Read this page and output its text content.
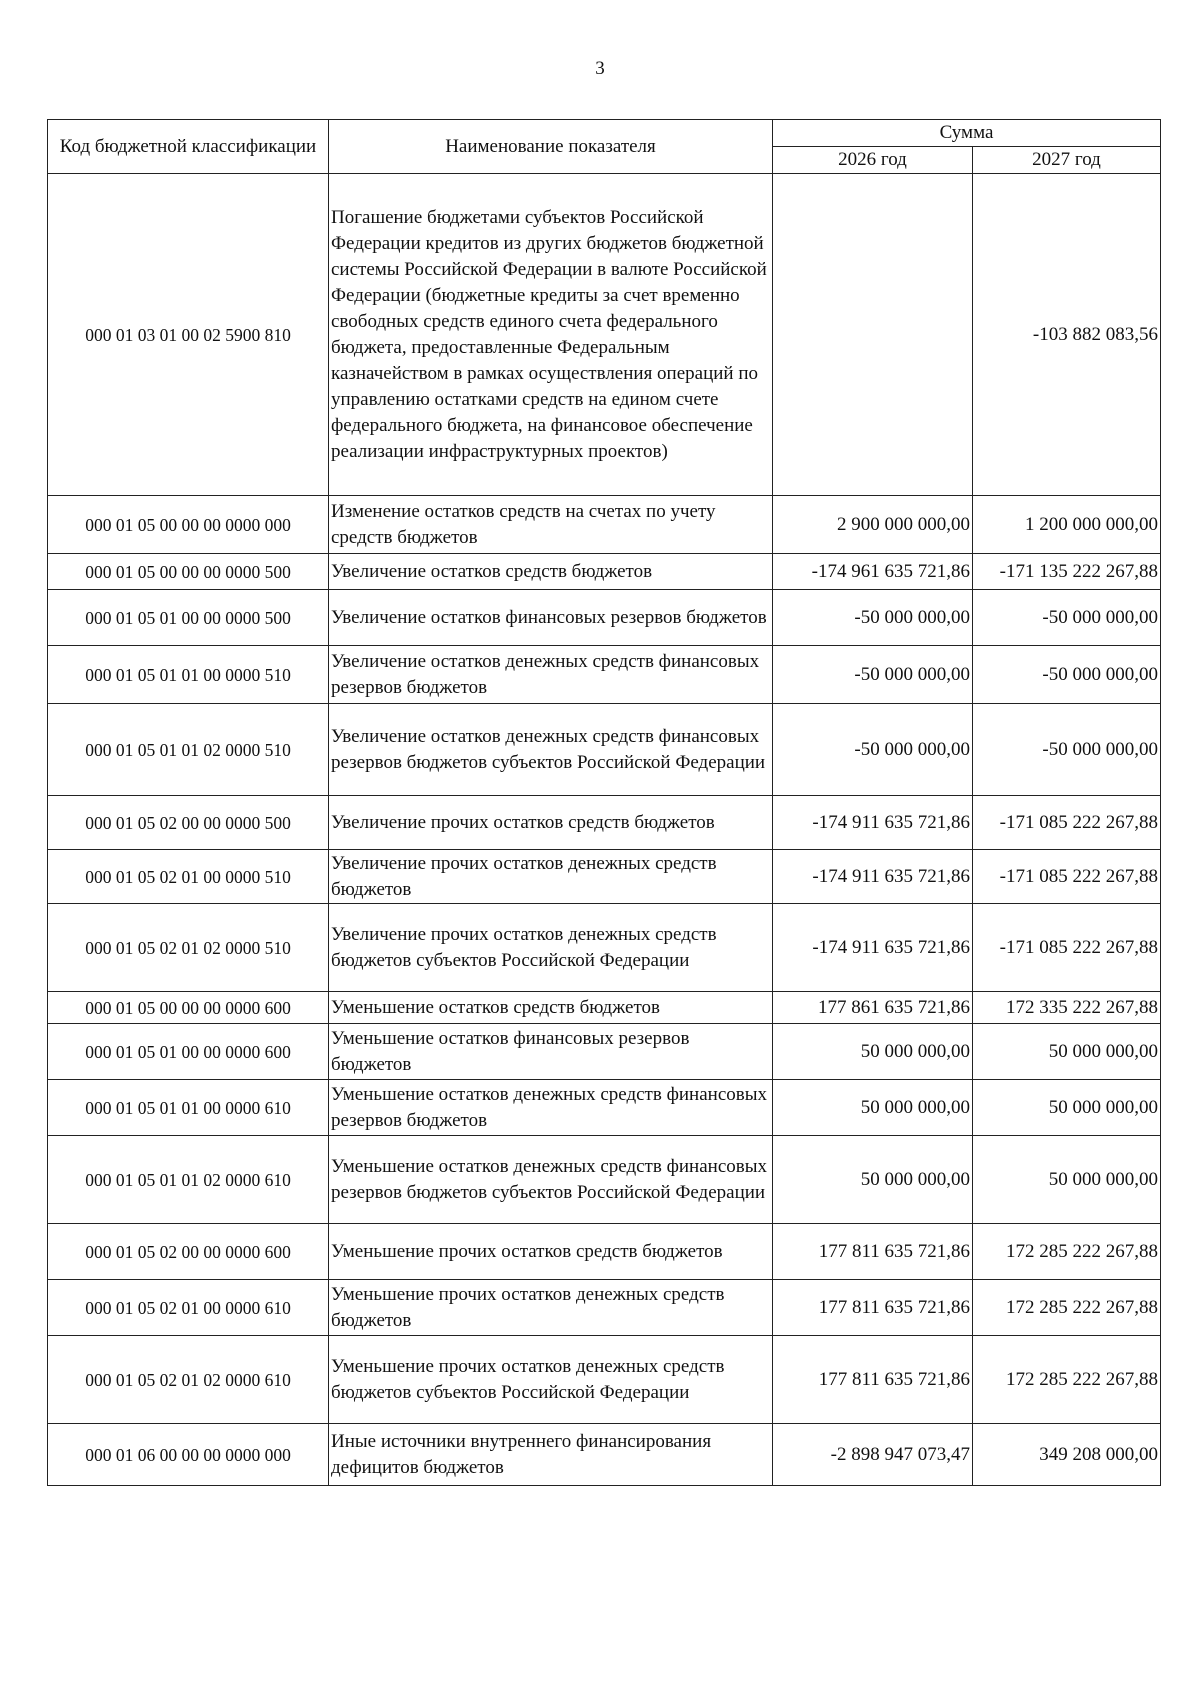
3
Код бюджетной классификации	Наименование показателя	Сумма	
		2026 год	2027 год
000 01 03 01 00 02 5900 810	Погашение бюджетами субъектов Российской Федерации кредитов из других бюджетов бюджетной системы Российской Федерации в валюте Российской Федерации (бюджетные кредиты за счет временно свободных средств единого счета федерального бюджета, предоставленные Федеральным казначейством в рамках осуществления операций по управлению остатками средств на едином счете федерального бюджета, на финансовое обеспечение реализации инфраструктурных проектов)		-103 882 083,56
000 01 05 00 00 00 0000 000	Изменение остатков средств на счетах по учету средств бюджетов	2 900 000 000,00	1 200 000 000,00
000 01 05 00 00 00 0000 500	Увеличение остатков средств бюджетов	-174 961 635 721,86	-171 135 222 267,88
000 01 05 01 00 00 0000 500	Увеличение остатков финансовых резервов бюджетов	-50 000 000,00	-50 000 000,00
000 01 05 01 01 00 0000 510	Увеличение остатков денежных средств финансовых резервов бюджетов	-50 000 000,00	-50 000 000,00
000 01 05 01 01 02 0000 510	Увеличение остатков денежных средств финансовых резервов бюджетов субъектов Российской Федерации	-50 000 000,00	-50 000 000,00
000 01 05 02 00 00 0000 500	Увеличение прочих остатков средств бюджетов	-174 911 635 721,86	-171 085 222 267,88
000 01 05 02 01 00 0000 510	Увеличение прочих остатков денежных средств бюджетов	-174 911 635 721,86	-171 085 222 267,88
000 01 05 02 01 02 0000 510	Увеличение прочих остатков денежных средств бюджетов субъектов Российской Федерации	-174 911 635 721,86	-171 085 222 267,88
000 01 05 00 00 00 0000 600	Уменьшение остатков средств бюджетов	177 861 635 721,86	172 335 222 267,88
000 01 05 01 00 00 0000 600	Уменьшение остатков финансовых резервов бюджетов	50 000 000,00	50 000 000,00
000 01 05 01 01 00 0000 610	Уменьшение остатков денежных средств финансовых резервов бюджетов	50 000 000,00	50 000 000,00
000 01 05 01 01 02 0000 610	Уменьшение остатков денежных средств финансовых резервов бюджетов субъектов Российской Федерации	50 000 000,00	50 000 000,00
000 01 05 02 00 00 0000 600	Уменьшение прочих остатков средств бюджетов	177 811 635 721,86	172 285 222 267,88
000 01 05 02 01 00 0000 610	Уменьшение прочих остатков денежных средств бюджетов	177 811 635 721,86	172 285 222 267,88
000 01 05 02 01 02 0000 610	Уменьшение прочих остатков денежных средств бюджетов субъектов Российской Федерации	177 811 635 721,86	172 285 222 267,88
000 01 06 00 00 00 0000 000	Иные источники внутреннего финансирования дефицитов бюджетов	-2 898 947 073,47	349 208 000,00
